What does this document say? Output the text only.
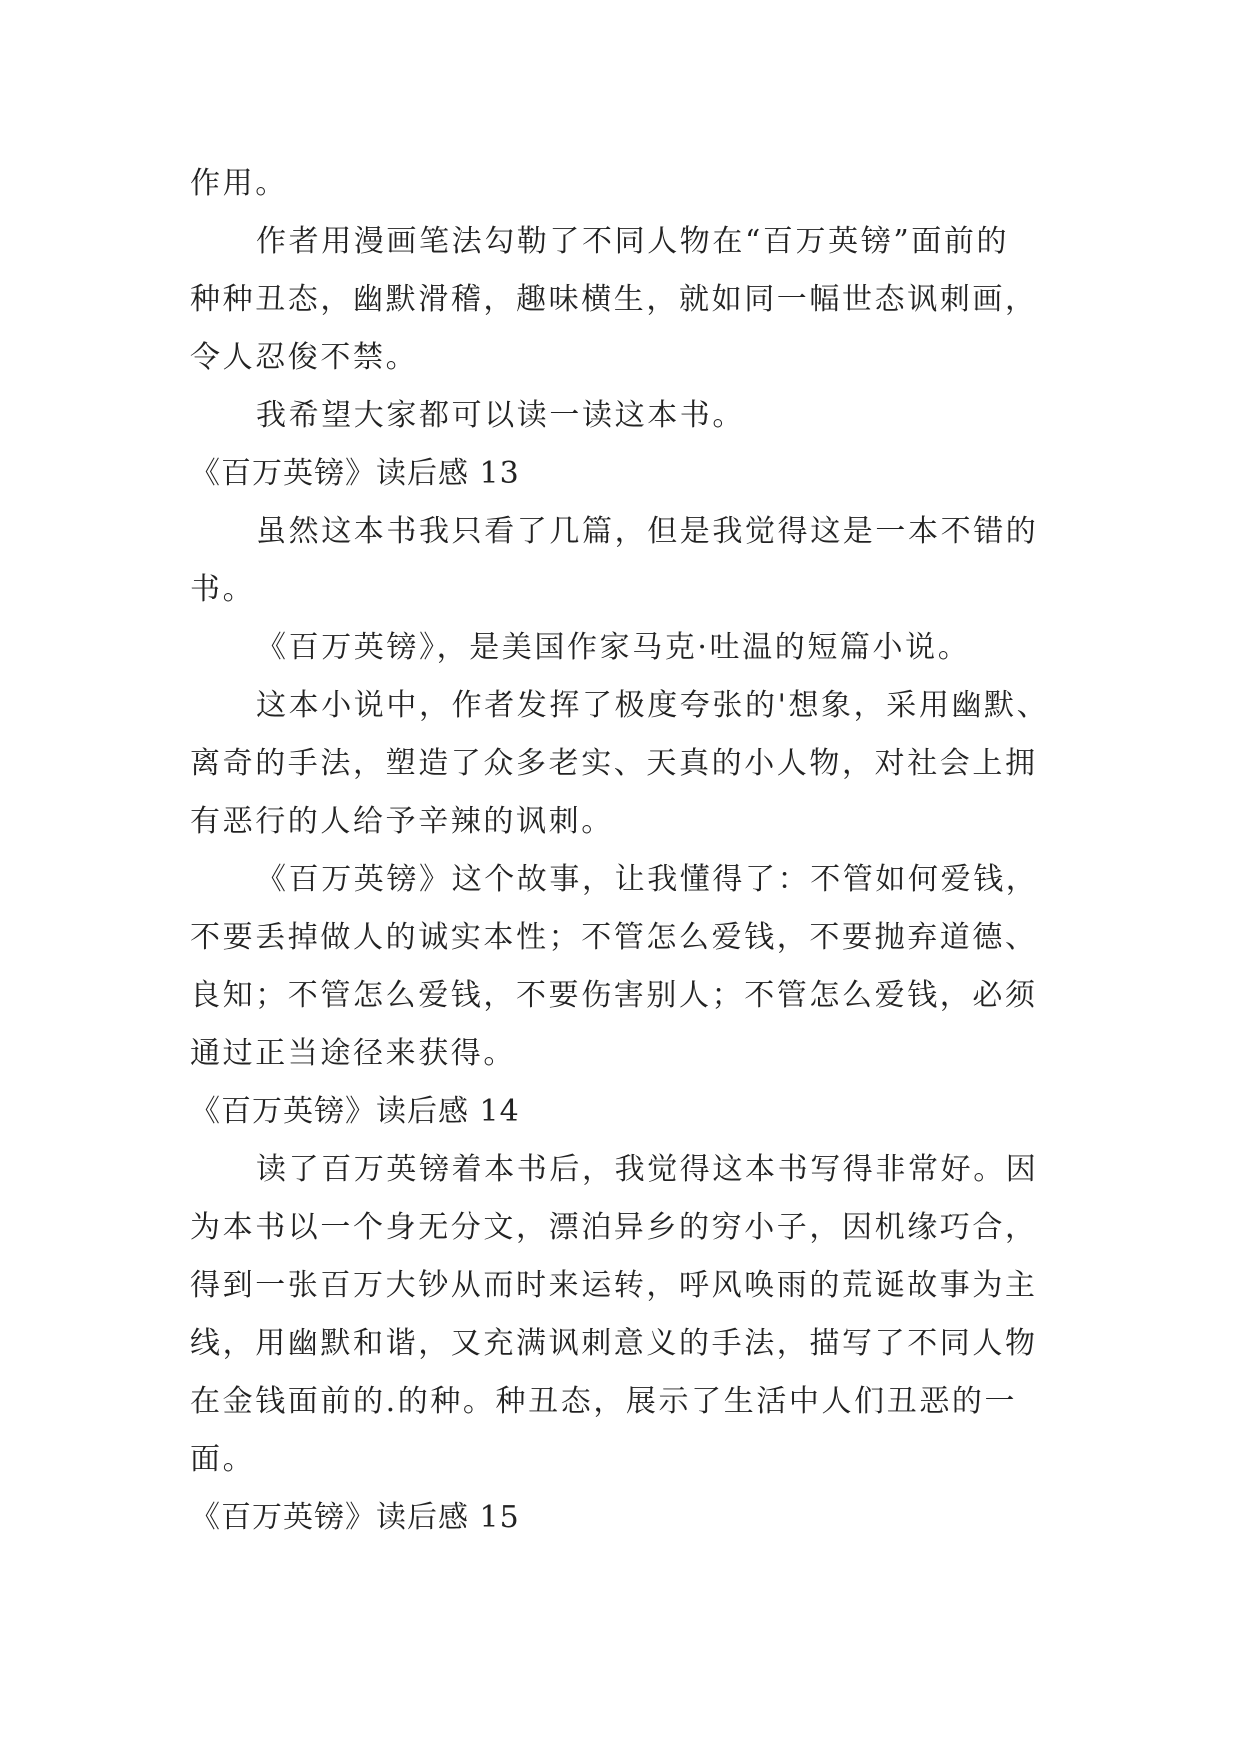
作用。
作者用漫画笔法勾勒了不同人物在“百万英镑”面前的
种种丑态，幽默滑稽，趣味横生，就如同一幅世态讽刺画，
令人忍俊不禁。
我希望大家都可以读一读这本书。
《百万英镑》读后感 13
虽然这本书我只看了几篇，但是我觉得这是一本不错的
书。
《百万英镑》，是美国作家马克·吐温的短篇小说。
这本小说中，作者发挥了极度夸张的'想象，采用幽默、
离奇的手法，塑造了众多老实、天真的小人物，对社会上拥
有恶行的人给予辛辣的讽刺。
《百万英镑》这个故事，让我懂得了：不管如何爱钱，
不要丢掉做人的诚实本性；不管怎么爱钱，不要抛弃道德、
良知；不管怎么爱钱，不要伤害别人；不管怎么爱钱，必须
通过正当途径来获得。
《百万英镑》读后感 14
读了百万英镑着本书后，我觉得这本书写得非常好。因
为本书以一个身无分文，漂泊异乡的穷小子，因机缘巧合，
得到一张百万大钞从而时来运转，呼风唤雨的荒诞故事为主
线，用幽默和谐，又充满讽刺意义的手法，描写了不同人物
在金钱面前的.的种。种丑态，展示了生活中人们丑恶的一
面。
《百万英镑》读后感 15
